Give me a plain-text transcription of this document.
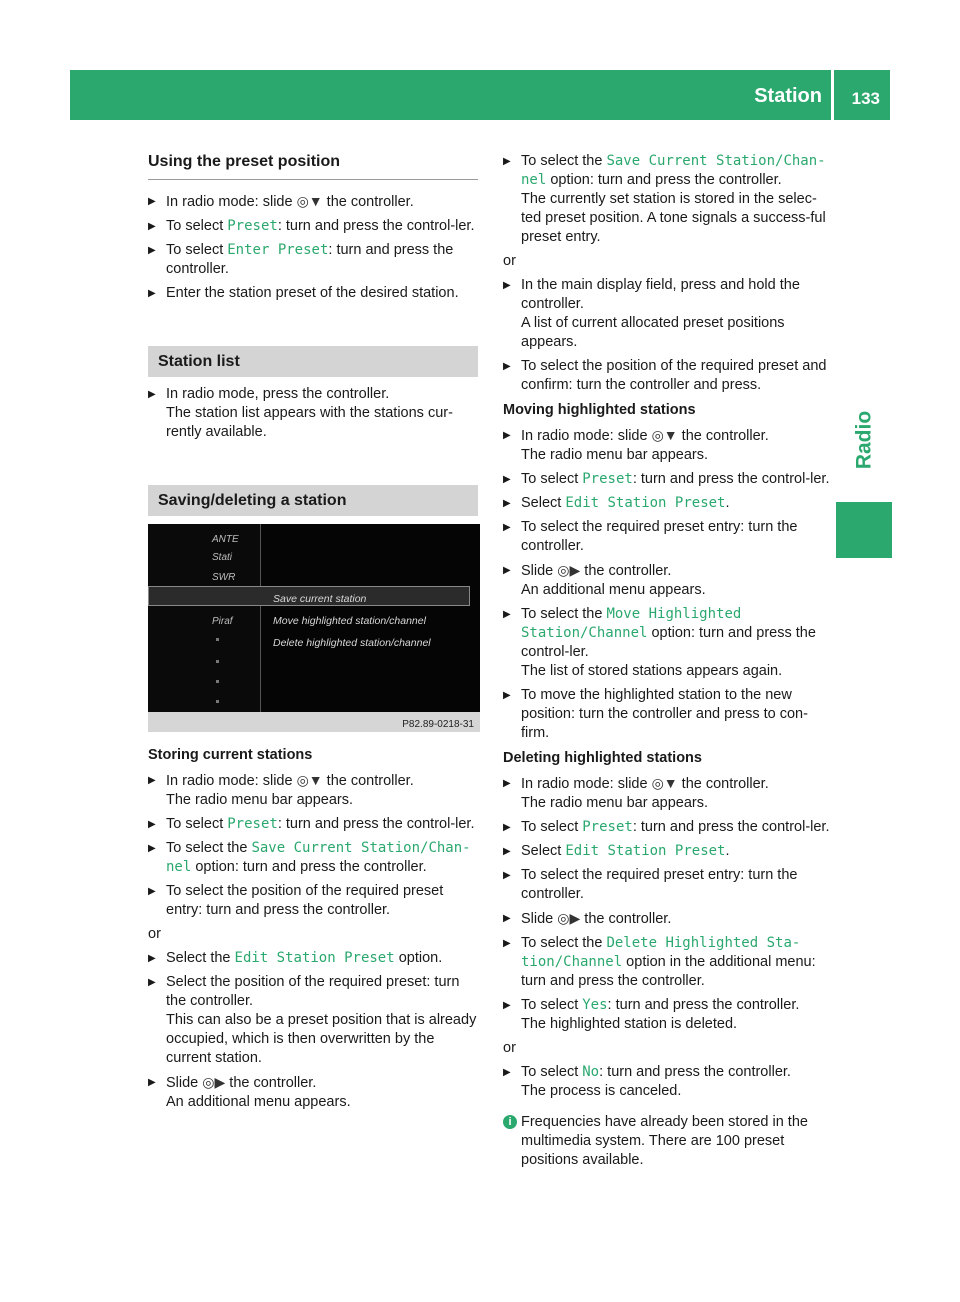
Station 133
Radio
Using the preset position
▶ In radio mode: slide ◎▼ the controller.
▶ To select Preset: turn and press the control-ler.
▶ To select Enter Preset: turn and press the controller.
▶ Enter the station preset of the desired station.
Station list
▶ In radio mode, press the controller.
The station list appears with the stations cur-rently available.
Saving/deleting a station
ANTE
Stati
SWR
Piraf
Save current station
Move highlighted station/channel
Delete highlighted station/channel
P82.89-0218-31
Storing current stations
▶ In radio mode: slide ◎▼ the controller.
The radio menu bar appears.
▶ To select Preset: turn and press the control-ler.
▶ To select the Save Current Station/Chan-nel option: turn and press the controller.
▶ To select the position of the required preset entry: turn and press the controller.

or

▶ Select the Edit Station Preset option.
▶ Select the position of the required preset: turn the controller.
This can also be a preset position that is already occupied, which is then overwritten by the current station.
▶ Slide ◎▶ the controller.
An additional menu appears.
▶ To select the Save Current Station/Chan-nel option: turn and press the controller.
The currently set station is stored in the selec-ted preset position. A tone signals a success-ful preset entry.

or

▶ In the main display field, press and hold the controller.
A list of current allocated preset positions appears.
▶ To select the position of the required preset and confirm: turn the controller and press.
Moving highlighted stations
▶ In radio mode: slide ◎▼ the controller.
The radio menu bar appears.
▶ To select Preset: turn and press the control-ler.
▶ Select Edit Station Preset.
▶ To select the required preset entry: turn the controller.
▶ Slide ◎▶ the controller.
An additional menu appears.
▶ To select the Move Highlighted Station/Channel option: turn and press the control-ler.
The list of stored stations appears again.
▶ To move the highlighted station to the new position: turn the controller and press to con-firm.
Deleting highlighted stations
▶ In radio mode: slide ◎▼ the controller.
The radio menu bar appears.
▶ To select Preset: turn and press the control-ler.
▶ Select Edit Station Preset.
▶ To select the required preset entry: turn the controller.
▶ Slide ◎▶ the controller.
▶ To select the Delete Highlighted Sta-tion/Channel option in the additional menu: turn and press the controller.
▶ To select Yes: turn and press the controller.
The highlighted station is deleted.

or

▶ To select No: turn and press the controller.
The process is canceled.
i Frequencies have already been stored in the multimedia system. There are 100 preset positions available.
